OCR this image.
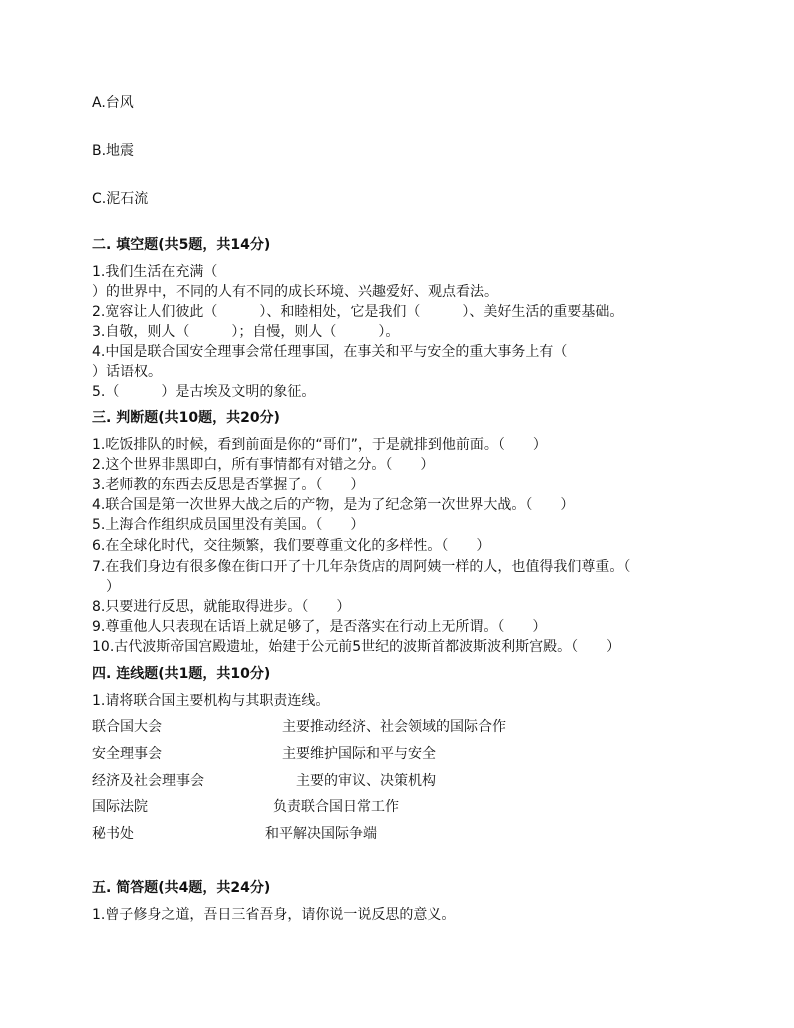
A.台风
B.地震
C.泥石流
二. 填空题(共5题，共14分)
1.我们生活在充满（
）的世界中，不同的人有不同的成长环境、兴趣爱好、观点看法。
2.宽容让人们彼此（　　　）、和睦相处，它是我们（　　　）、美好生活的重要基础。
3.自敬，则人（　　　）；自慢，则人（　　　）。
4.中国是联合国安全理事会常任理事国，在事关和平与安全的重大事务上有（
）话语权。
5.（　　　）是古埃及文明的象征。
三. 判断题(共10题，共20分)
1.吃饭排队的时候，看到前面是你的“哥们”，于是就排到他前面。（　　）
2.这个世界非黑即白，所有事情都有对错之分。（　　）
3.老师教的东西去反思是否掌握了。（　　）
4.联合国是第一次世界大战之后的产物，是为了纪念第一次世界大战。（　　）
5.上海合作组织成员国里没有美国。（　　）
6.在全球化时代，交往频繁，我们要尊重文化的多样性。（　　）
7.在我们身边有很多像在街口开了十几年杂货店的周阿姨一样的人，也值得我们尊重。（
　）
8.只要进行反思，就能取得进步。（　　）
9.尊重他人只表现在话语上就足够了，是否落实在行动上无所谓。（　　）
10.古代波斯帝国宫殿遗址，始建于公元前5世纪的波斯首都波斯波利斯宫殿。（　　）
四. 连线题(共1题，共10分)
1.请将联合国主要机构与其职责连线。
联合国大会
安全理事会
经济及社会理事会
国际法院
秘书处
主要推动经济、社会领域的国际合作
主要维护国际和平与安全
主要的审议、决策机构
负责联合国日常工作
和平解决国际争端
五. 简答题(共4题，共24分)
1.曾子修身之道，吾日三省吾身，请你说一说反思的意义。
